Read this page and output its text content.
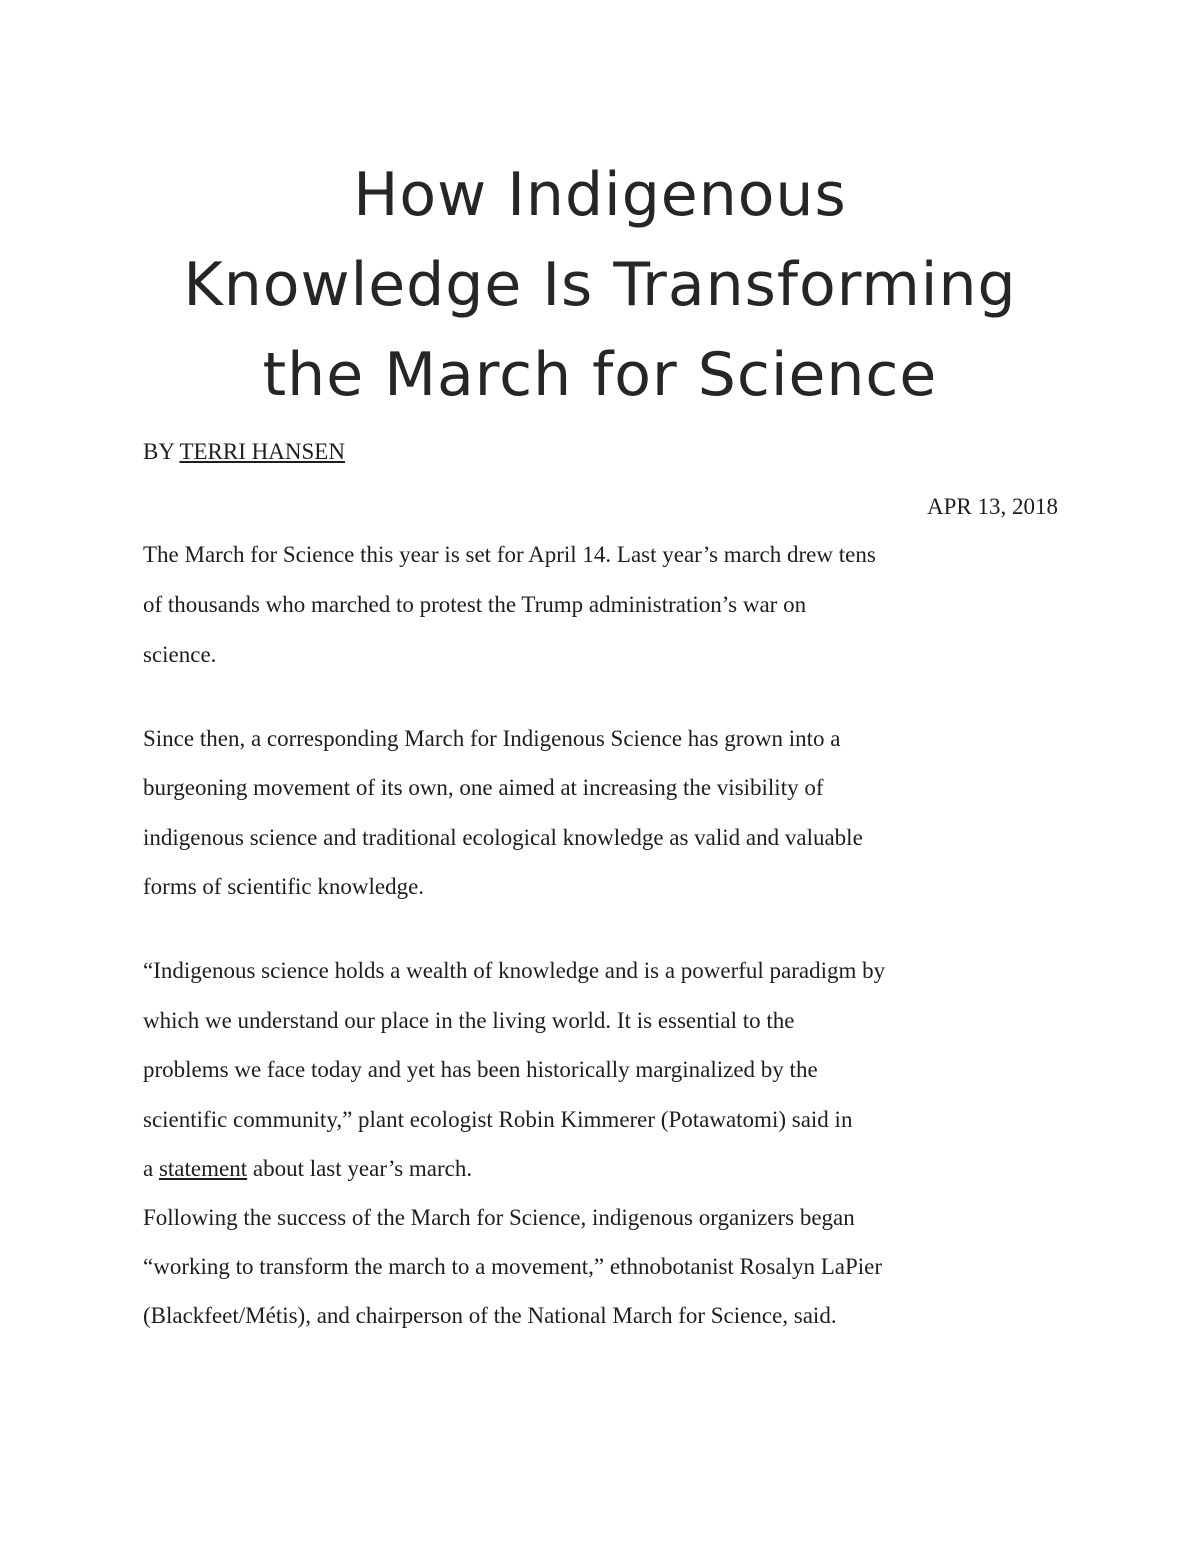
How Indigenous
Knowledge Is Transforming
the March for Science
BY TERRI HANSEN
APR 13, 2018
The March for Science this year is set for April 14. Last year’s march drew tens
of thousands who marched to protest the Trump administration’s war on
science.
Since then, a corresponding March for Indigenous Science has grown into a
burgeoning movement of its own, one aimed at increasing the visibility of
indigenous science and traditional ecological knowledge as valid and valuable
forms of scientific knowledge.
“Indigenous science holds a wealth of knowledge and is a powerful paradigm by
which we understand our place in the living world. It is essential to the
problems we face today and yet has been historically marginalized by the
scientific community,” plant ecologist Robin Kimmerer (Potawatomi) said in
a statement about last year’s march.
Following the success of the March for Science, indigenous organizers began
“working to transform the march to a movement,” ethnobotanist Rosalyn LaPier
(Blackfeet/Métis), and chairperson of the National March for Science, said.
